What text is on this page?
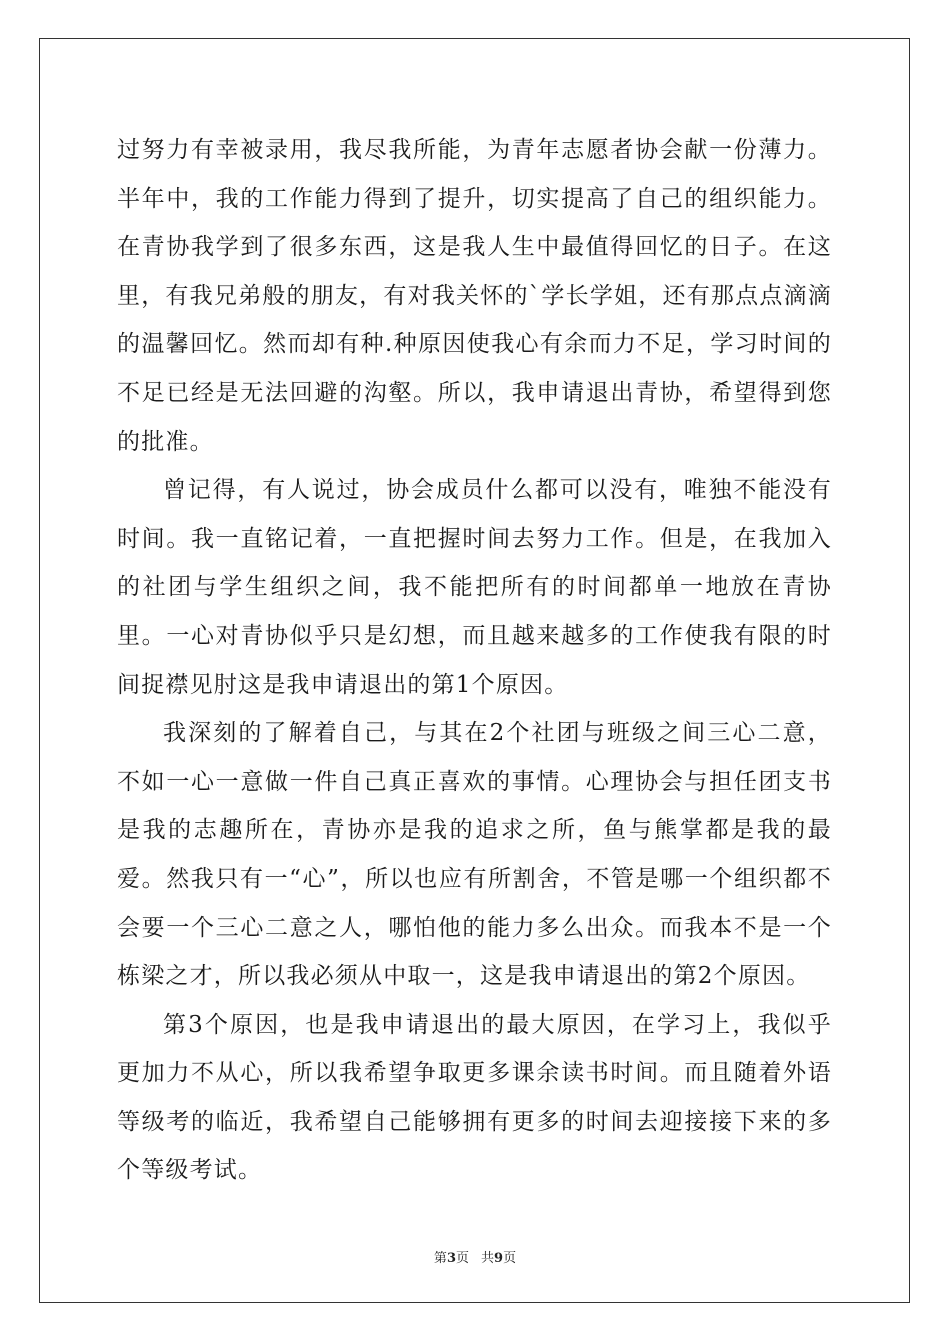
过努力有幸被录用，我尽我所能，为青年志愿者协会献一份薄力。半年中，我的工作能力得到了提升，切实提高了自己的组织能力。在青协我学到了很多东西，这是我人生中最值得回忆的日子。在这里，有我兄弟般的朋友，有对我关怀的`学长学姐，还有那点点滴滴的温馨回忆。然而却有种.种原因使我心有余而力不足，学习时间的不足已经是无法回避的沟壑。所以，我申请退出青协，希望得到您的批准。

曾记得，有人说过，协会成员什么都可以没有，唯独不能没有时间。我一直铭记着，一直把握时间去努力工作。但是，在我加入的社团与学生组织之间，我不能把所有的时间都单一地放在青协里。一心对青协似乎只是幻想，而且越来越多的工作使我有限的时间捉襟见肘这是我申请退出的第1个原因。

我深刻的了解着自己，与其在2个社团与班级之间三心二意，不如一心一意做一件自己真正喜欢的事情。心理协会与担任团支书是我的志趣所在，青协亦是我的追求之所，鱼与熊掌都是我的最爱。然我只有一“心”，所以也应有所割舍，不管是哪一个组织都不会要一个三心二意之人，哪怕他的能力多么出众。而我本不是一个栋梁之才，所以我必须从中取一，这是我申请退出的第2个原因。

第3个原因，也是我申请退出的最大原因，在学习上，我似乎更加力不从心，所以我希望争取更多课余读书时间。而且随着外语等级考的临近，我希望自己能够拥有更多的时间去迎接接下来的多个等级考试。

第3页 共9页
